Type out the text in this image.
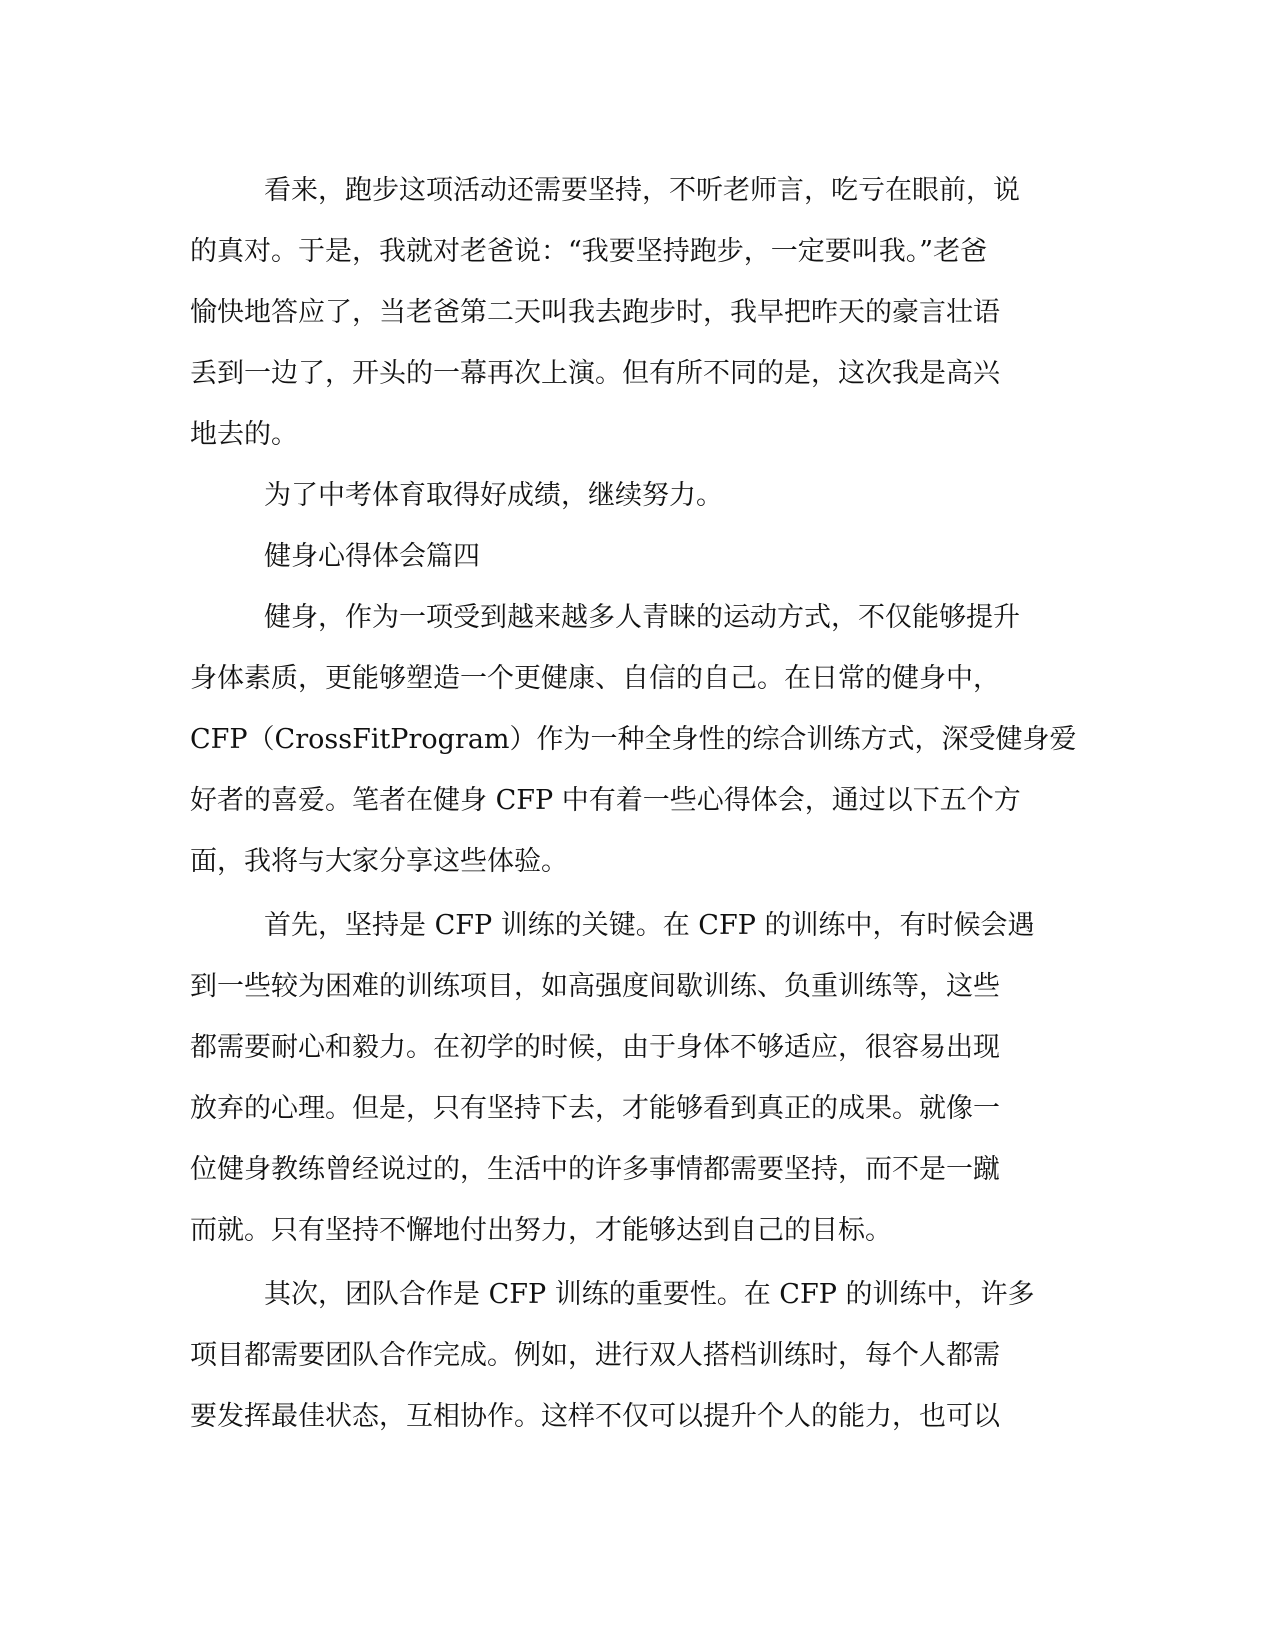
看来，跑步这项活动还需要坚持，不听老师言，吃亏在眼前，说
的真对。于是，我就对老爸说：“我要坚持跑步，一定要叫我。”老爸
愉快地答应了，当老爸第二天叫我去跑步时，我早把昨天的豪言壮语
丢到一边了，开头的一幕再次上演。但有所不同的是，这次我是高兴
地去的。
为了中考体育取得好成绩，继续努力。
健身心得体会篇四
健身，作为一项受到越来越多人青睐的运动方式，不仅能够提升
身体素质，更能够塑造一个更健康、自信的自己。在日常的健身中，
CFP（CrossFitProgram）作为一种全身性的综合训练方式，深受健身爱
好者的喜爱。笔者在健身 CFP 中有着一些心得体会，通过以下五个方
面，我将与大家分享这些体验。
首先，坚持是 CFP 训练的关键。在 CFP 的训练中，有时候会遇
到一些较为困难的训练项目，如高强度间歇训练、负重训练等，这些
都需要耐心和毅力。在初学的时候，由于身体不够适应，很容易出现
放弃的心理。但是，只有坚持下去，才能够看到真正的成果。就像一
位健身教练曾经说过的，生活中的许多事情都需要坚持，而不是一蹴
而就。只有坚持不懈地付出努力，才能够达到自己的目标。
其次，团队合作是 CFP 训练的重要性。在 CFP 的训练中，许多
项目都需要团队合作完成。例如，进行双人搭档训练时，每个人都需
要发挥最佳状态，互相协作。这样不仅可以提升个人的能力，也可以
